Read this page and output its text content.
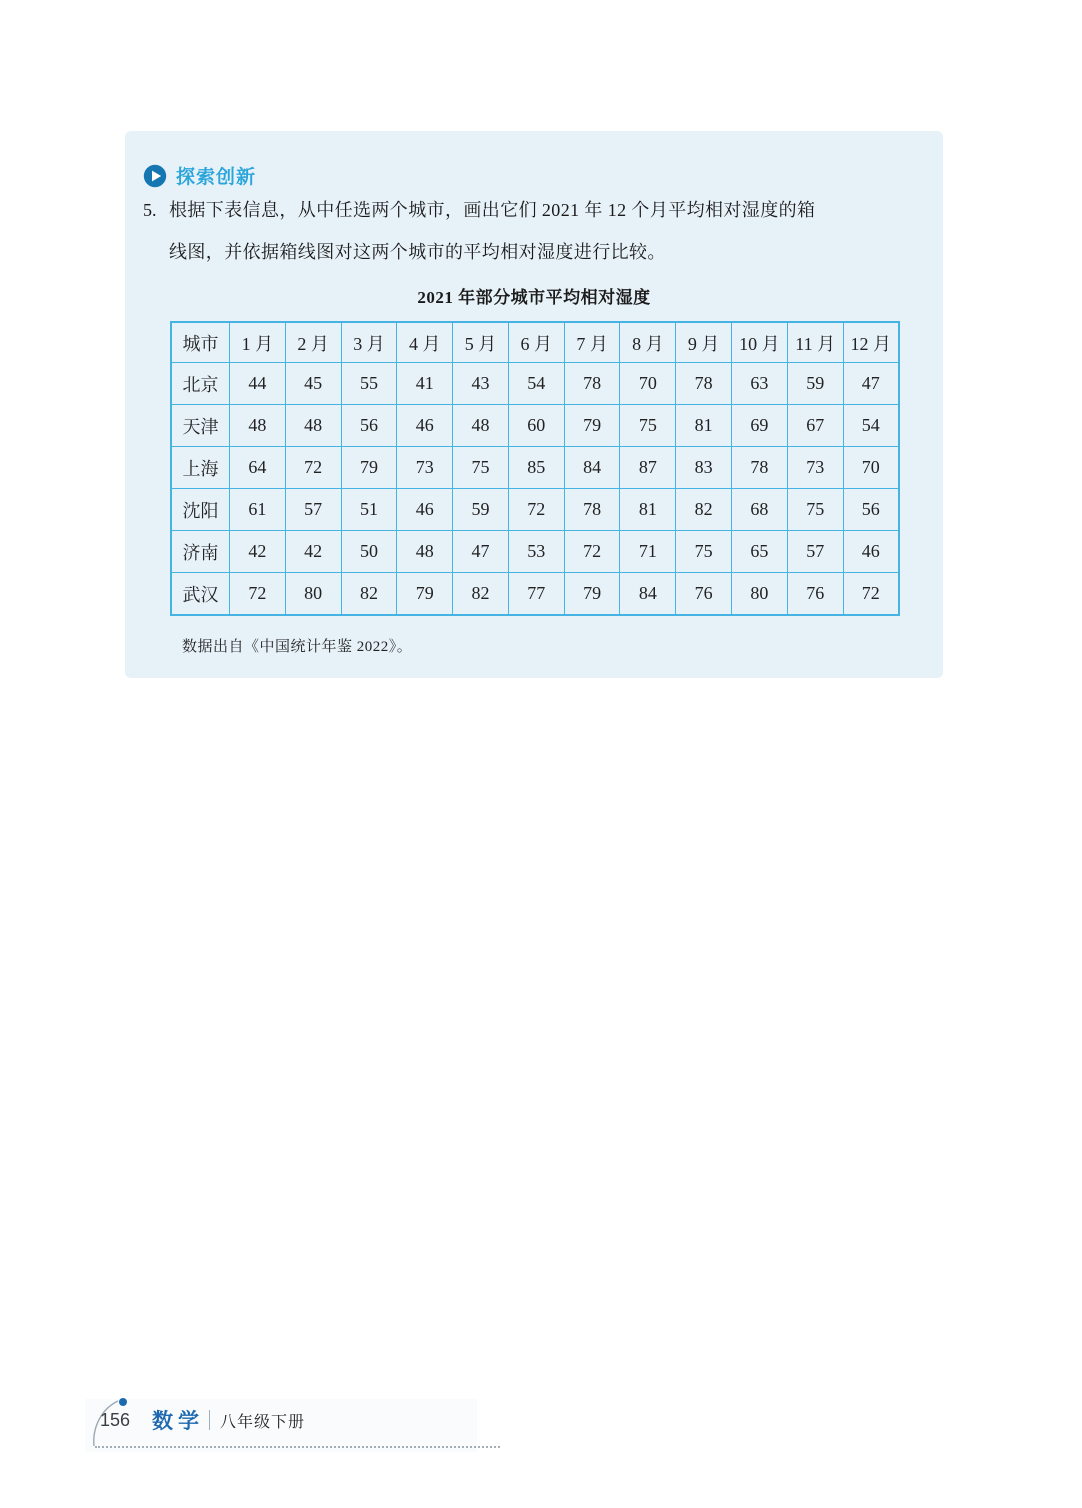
探索创新
5. 根据下表信息，从中任选两个城市，画出它们 2021 年 12 个月平均相对湿度的箱
线图，并依据箱线图对这两个城市的平均相对湿度进行比较。
2021 年部分城市平均相对湿度
城市	1 月	2 月	3 月	4 月	5 月	6 月	7 月	8 月	9 月	10 月	11 月	12 月
北京	44	45	55	41	43	54	78	70	78	63	59	47
天津	48	48	56	46	48	60	79	75	81	69	67	54
上海	64	72	79	73	75	85	84	87	83	78	73	70
沈阳	61	57	51	46	59	72	78	81	82	68	75	56
济南	42	42	50	48	47	53	72	71	75	65	57	46
武汉	72	80	82	79	82	77	79	84	76	80	76	72
数据出自《中国统计年鉴 2022》。
156 数学 八年级下册
